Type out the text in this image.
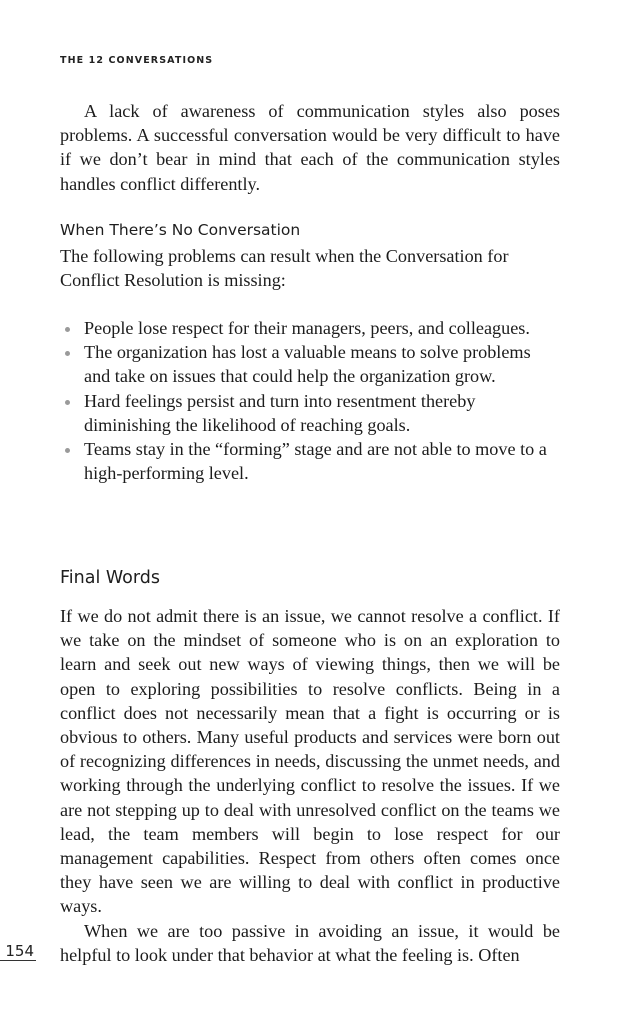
THE 12 CONVERSATIONS

A lack of awareness of communication styles also poses problems. A successful conversation would be very difficult to have if we don’t bear in mind that each of the communication styles handles conflict differently.

When There’s No Conversation

The following problems can result when the Conversation for Conflict Resolution is missing:

People lose respect for their managers, peers, and colleagues.
The organization has lost a valuable means to solve problems and take on issues that could help the organization grow.
Hard feelings persist and turn into resentment thereby diminishing the likelihood of reaching goals.
Teams stay in the “forming” stage and are not able to move to a high-performing level.
Final Words

If we do not admit there is an issue, we cannot resolve a conflict. If we take on the mindset of someone who is on an exploration to learn and seek out new ways of viewing things, then we will be open to exploring possibilities to resolve conflicts. Being in a conflict does not necessarily mean that a fight is occurring or is obvious to others. Many useful products and services were born out of recognizing differences in needs, discussing the unmet needs, and working through the underlying conflict to resolve the issues. If we are not stepping up to deal with unresolved conflict on the teams we lead, the team members will begin to lose respect for our management capabilities. Respect from others often comes once they have seen we are willing to deal with conflict in productive ways.

When we are too passive in avoiding an issue, it would be helpful to look under that behavior at what the feeling is. Often

154
